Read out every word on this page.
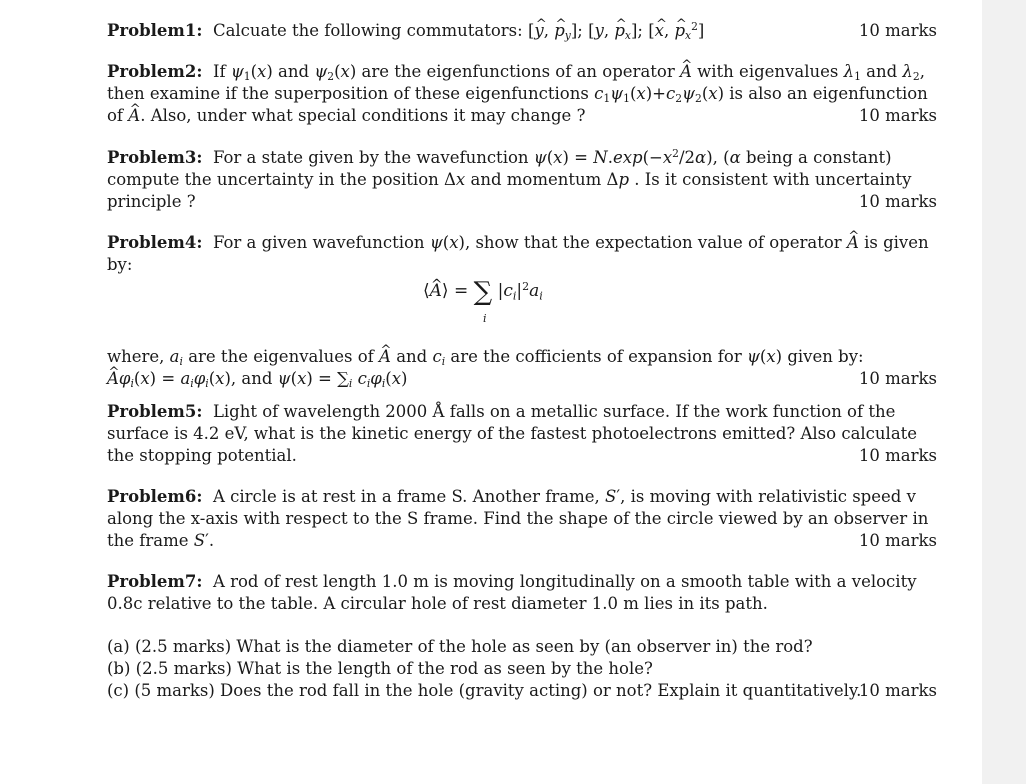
Problem1:  Calcuate the following commutators: [^ y, ^ $p_y$]; [y, ^ $p_x$]; [^ x, ^ $p_x^2$]	10 marks
Problem2:  If $\psi_1(x)$ and $\psi_2(x)$ are the eigenfunctions of an operator ^ A with eigenvalues $\lambda_1$ and $\lambda_2$,
then examine if the superposition of these eigenfunctions $c_1\psi_1(x)+c_2\psi_2(x)$ is also an eigenfunction
of ^ A. Also, under what special conditions it may change ?	10 marks
Problem3:  For a state given by the wavefunction $\psi(x) = N.\exp(-x^2/2\alpha)$, (α being a constant)
compute the uncertainty in the position Δx and momentum Δp . Is it consistent with uncertainty
principle ?	10 marks
Problem4:  For a given wavefunction ψ(x), show that the expectation value of operator ^ A is given
by:
⟨^ A⟩ = ∑ $|c_i|^2a_i$
i
where, $a_i$ are the eigenvalues of ^ A and $c_i$ are the cofficients of expansion for ψ(x) given by:
^ $A\varphi_i(x) = a_i\varphi_i(x)$, and $\psi(x) = \sum_i$ $c_i\varphi_i(x)$	10 marks
Problem5:  Light of wavelength 2000 Å falls on a metallic surface. If the work function of the
surface is 4.2 eV, what is the kinetic energy of the fastest photoelectrons emitted? Also calculate
the stopping potential.	10 marks
Problem6:  A circle is at rest in a frame S. Another frame, S′, is moving with relativistic speed v
along the x-axis with respect to the S frame. Find the shape of the circle viewed by an observer in
the frame S′.	10 marks
Problem7:  A rod of rest length 1.0 m is moving longitudinally on a smooth table with a velocity
0.8c relative to the table. A circular hole of rest diameter 1.0 m lies in its path.
(a) (2.5 marks) What is the diameter of the hole as seen by (an observer in) the rod?
(b) (2.5 marks) What is the length of the rod as seen by the hole?
(c) (5 marks) Does the rod fall in the hole (gravity acting) or not? Explain it quantitatively.
10 marks
